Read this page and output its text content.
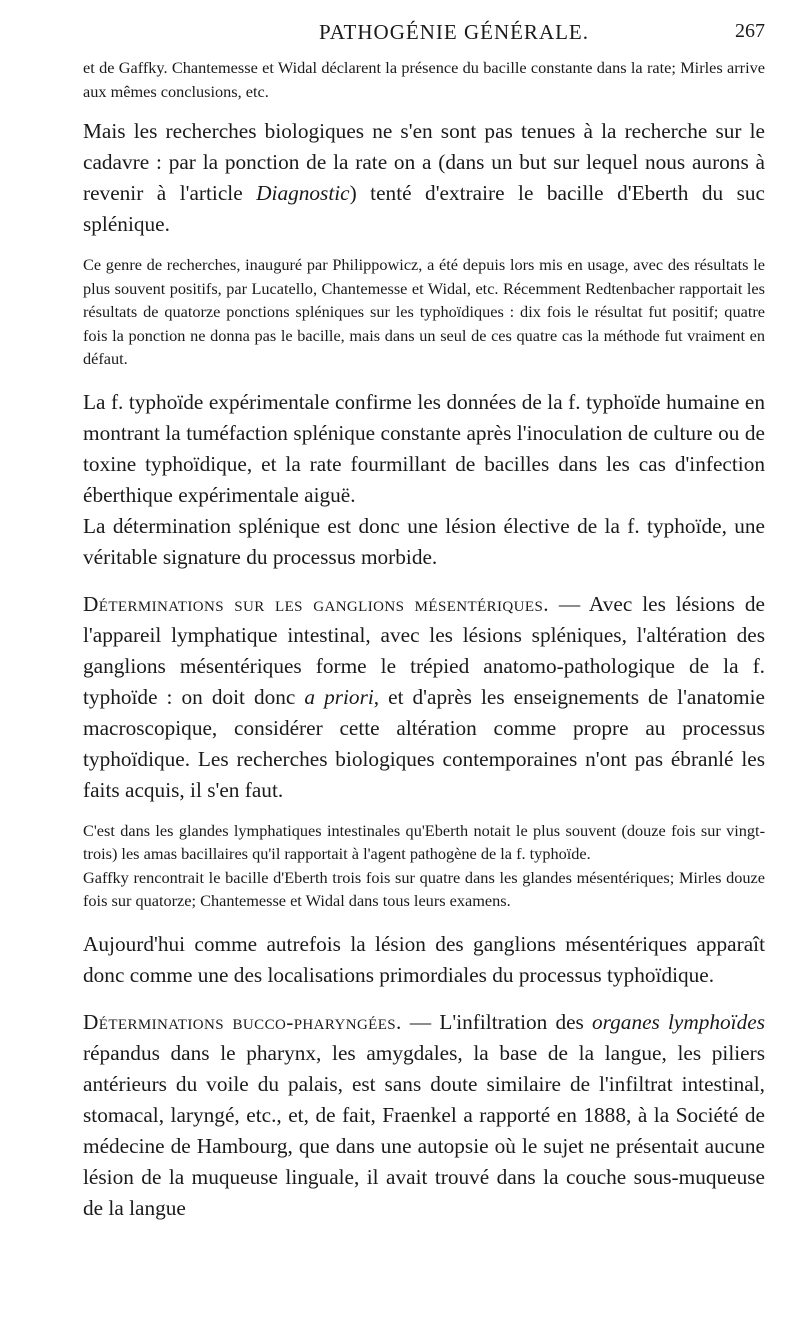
PATHOGÉNIE GÉNÉRALE.	267

et de Gaffky. Chantemesse et Widal déclarent la présence du bacille constante dans la rate; Mirles arrive aux mêmes conclusions, etc.

Mais les recherches biologiques ne s'en sont pas tenues à la recherche sur le cadavre : par la ponction de la rate on a (dans un but sur lequel nous aurons à revenir à l'article Diagnostic) tenté d'extraire le bacille d'Eberth du suc splénique.

Ce genre de recherches, inauguré par Philippowicz, a été depuis lors mis en usage, avec des résultats le plus souvent positifs, par Lucatello, Chantemesse et Widal, etc. Récemment Redtenbacher rapportait les résultats de quatorze ponctions spléniques sur les typhoïdiques : dix fois le résultat fut positif; quatre fois la ponction ne donna pas le bacille, mais dans un seul de ces quatre cas la méthode fut vraiment en défaut.

La f. typhoïde expérimentale confirme les données de la f. typhoïde humaine en montrant la tuméfaction splénique constante après l'inoculation de culture ou de toxine typhoïdique, et la rate fourmillant de bacilles dans les cas d'infection éberthique expérimentale aiguë.

La détermination splénique est donc une lésion élective de la f. typhoïde, une véritable signature du processus morbide.

Déterminations sur les ganglions mésentériques. — Avec les lésions de l'appareil lymphatique intestinal, avec les lésions spléniques, l'altération des ganglions mésentériques forme le trépied anatomo-pathologique de la f. typhoïde : on doit donc a priori, et d'après les enseignements de l'anatomie macroscopique, considérer cette altération comme propre au processus typhoïdique. Les recherches biologiques contemporaines n'ont pas ébranlé les faits acquis, il s'en faut.

C'est dans les glandes lymphatiques intestinales qu'Eberth notait le plus souvent (douze fois sur vingt-trois) les amas bacillaires qu'il rapportait à l'agent pathogène de la f. typhoïde.

Gaffky rencontrait le bacille d'Eberth trois fois sur quatre dans les glandes mésentériques; Mirles douze fois sur quatorze; Chantemesse et Widal dans tous leurs examens.

Aujourd'hui comme autrefois la lésion des ganglions mésentériques apparaît donc comme une des localisations primordiales du processus typhoïdique.

Déterminations bucco-pharyngées. — L'infiltration des organes lymphoïdes répandus dans le pharynx, les amygdales, la base de la langue, les piliers antérieurs du voile du palais, est sans doute similaire de l'infiltrat intestinal, stomacal, laryngé, etc., et, de fait, Fraenkel a rapporté en 1888, à la Société de médecine de Hambourg, que dans une autopsie où le sujet ne présentait aucune lésion de la muqueuse linguale, il avait trouvé dans la couche sous-muqueuse de la langue
